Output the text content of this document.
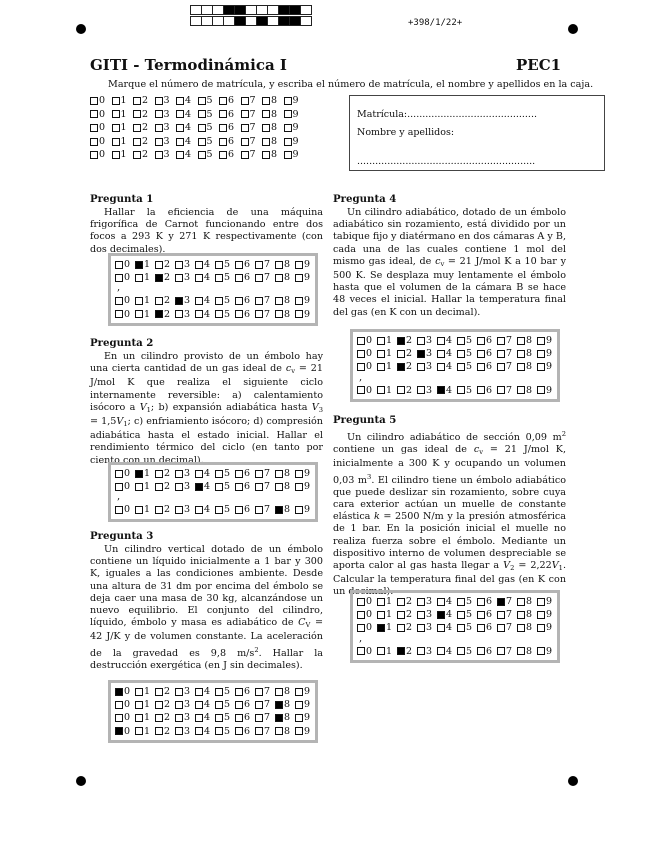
+398/1/22+
GITI - Termodinámica I	PEC1
Marque el número de matrícula, y escriba el número de matrícula, el nombre y apellidos en la caja.
0 1 2 3 4 5 6 7 8 9
0 1 2 3 4 5 6 7 8 9
0 1 2 3 4 5 6 7 8 9
0 1 2 3 4 5 6 7 8 9
0 1 2 3 4 5 6 7 8 9
Matrícula:...........................................
Nombre y apellidos:
...........................................................
Pregunta 1

Hallar la eficiencia de una máquina frigorífica de Carnot funcionando entre dos focos a 293 K y 271 K respectivamente (con dos decimales).

0 1 2 3 4 5 6 7 8 9
0 1 2 3 4 5 6 7 8 9
,
0 1 2 3 4 5 6 7 8 9
0 1 2 3 4 5 6 7 8 9
Pregunta 2

En un cilindro provisto de un émbolo hay una cierta cantidad de un gas ideal de $c_v = 21$ J/mol K que realiza el siguiente ciclo internamente reversible: a) calentamiento isócoro a $V_1$; b) expansión adiabática hasta $V_3 = 1,5V_1$; c) enfriamiento isócoro; d) compresión adiabática hasta el estado inicial. Hallar el rendimiento térmico del ciclo (en tanto por ciento con un decimal).

0 1 2 3 4 5 6 7 8 9
0 1 2 3 4 5 6 7 8 9
,
0 1 2 3 4 5 6 7 8 9
Pregunta 3

Un cilindro vertical dotado de un émbolo contiene un líquido inicialmente a 1 bar y 300 K, iguales a las condiciones ambiente. Desde una altura de 31 dm por encima del émbolo se deja caer una masa de 30 kg, alcanzándose un nuevo equilibrio. El conjunto del cilindro, líquido, émbolo y masa es adiabático de $C_V = 42$ J/K y de volumen constante. La aceleración de la gravedad es 9,8 $m/s^2$. Hallar la destrucción exergética (en J sin decimales).

0 1 2 3 4 5 6 7 8 9
0 1 2 3 4 5 6 7 8 9
0 1 2 3 4 5 6 7 8 9
0 1 2 3 4 5 6 7 8 9
Pregunta 4

Un cilindro adiabático, dotado de un émbolo adiabático sin rozamiento, está dividido por un tabique fijo y diatérmano en dos cámaras A y B, cada una de las cuales contiene 1 mol del mismo gas ideal, de $c_v = 21$ J/mol K a 10 bar y 500 K. Se desplaza muy lentamente el émbolo hasta que el volumen de la cámara B se hace 48 veces el inicial. Hallar la temperatura final del gas (en K con un decimal).

0 1 2 3 4 5 6 7 8 9
0 1 2 3 4 5 6 7 8 9
0 1 2 3 4 5 6 7 8 9
,
0 1 2 3 4 5 6 7 8 9
Pregunta 5

Un cilindro adiabático de sección 0,09 $m^2$ contiene un gas ideal de $c_v = 21$ J/mol K, inicialmente a 300 K y ocupando un volumen 0,03 $m^3$. El cilindro tiene un émbolo adiabático que puede deslizar sin rozamiento, sobre cuya cara exterior actúan un muelle de constante elástica k = 2500 N/m y la presión atmosférica de 1 bar. En la posición inicial el muelle no realiza fuerza sobre el émbolo. Mediante un dispositivo interno de volumen despreciable se aporta calor al gas hasta llegar a $V_2 = 2,22V_1$. Calcular la temperatura final del gas (en K con un decimal).

0 1 2 3 4 5 6 7 8 9
0 1 2 3 4 5 6 7 8 9
0 1 2 3 4 5 6 7 8 9
,
0 1 2 3 4 5 6 7 8 9
